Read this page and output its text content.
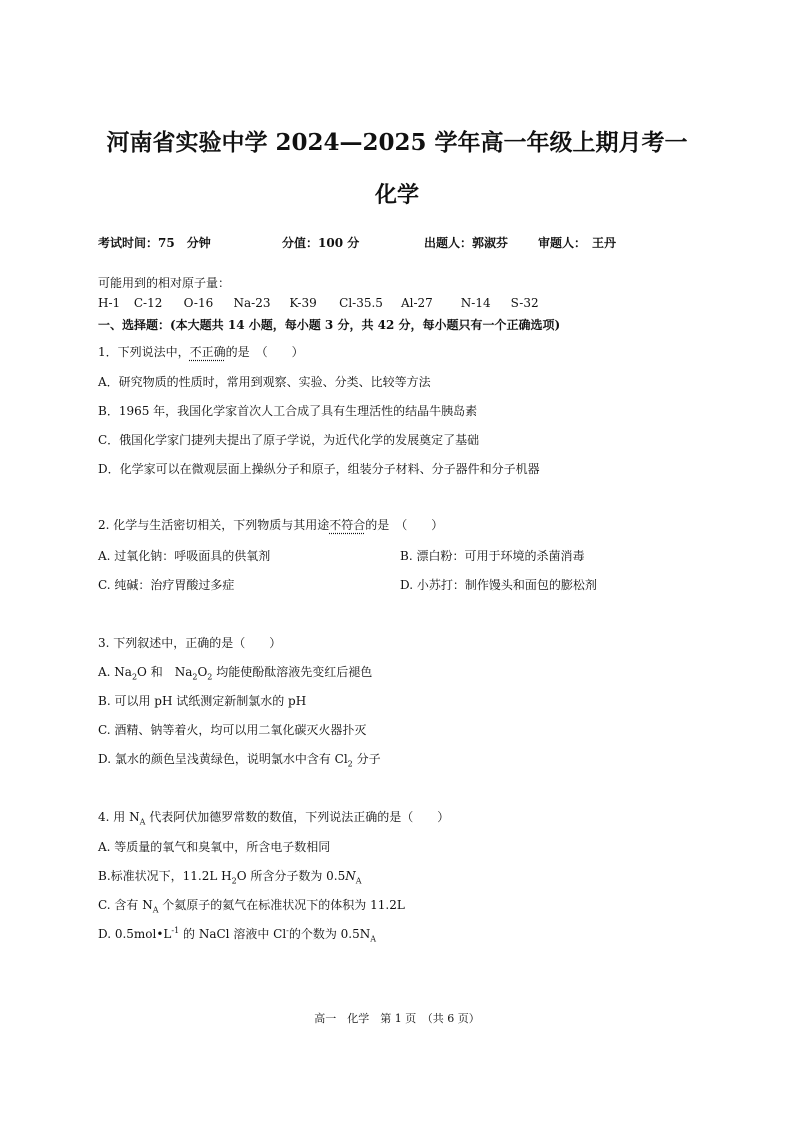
河南省实验中学 2024—2025 学年高一年级上期月考一
化学
考试时间：75　分钟	分值：100 分	出题人：郭淑芬 审题人：　王丹
可能用到的相对原子量：
H-1 C-12 O-16 Na-23 K-39 Cl-35.5 Al-27 N-14 S-32
一、选择题：(本大题共 14 小题，每小题 3 分，共 42 分，每小题只有一个正确选项)
1．下列说法中，不正确的是　（　　）
A．研究物质的性质时，常用到观察、实验、分类、比较等方法
B．1965 年，我国化学家首次人工合成了具有生理活性的结晶牛胰岛素
C．俄国化学家门捷列夫提出了原子学说，为近代化学的发展奠定了基础
D．化学家可以在微观层面上操纵分子和原子，组装分子材料、分子器件和分子机器
2. 化学与生活密切相关，下列物质与其用途不符合的是　（　　）
A. 过氧化钠：呼吸面具的供氧剂	B. 漂白粉：可用于环境的杀菌消毒
C. 纯碱：治疗胃酸过多症	D. 小苏打：制作馒头和面包的膨松剂
3. 下列叙述中，正确的是（　　）
A. $Na_2O$ 和　$Na_2O_2$ 均能使酚酞溶液先变红后褪色
B. 可以用 pH 试纸测定新制氯水的 pH
C. 酒精、钠等着火，均可以用二氧化碳灭火器扑灭
D. 氯水的颜色呈浅黄绿色，说明氯水中含有 $Cl_2$ 分子
4. 用 $N_A$ 代表阿伏加德罗常数的数值，下列说法正确的是（　　）
A. 等质量的氧气和臭氧中，所含电子数相同
B.标准状况下，11.2L $H_2O$ 所含分子数为 $0.5N_A$
C. 含有 $N_A$ 个氦原子的氦气在标准状况下的体积为 11.2L
D. $0.5mol•L^{-1}$ 的 NaCl 溶液中 Cl-的个数为 $0.5N_A$
高一　化学　第 1 页　（共 6 页）
